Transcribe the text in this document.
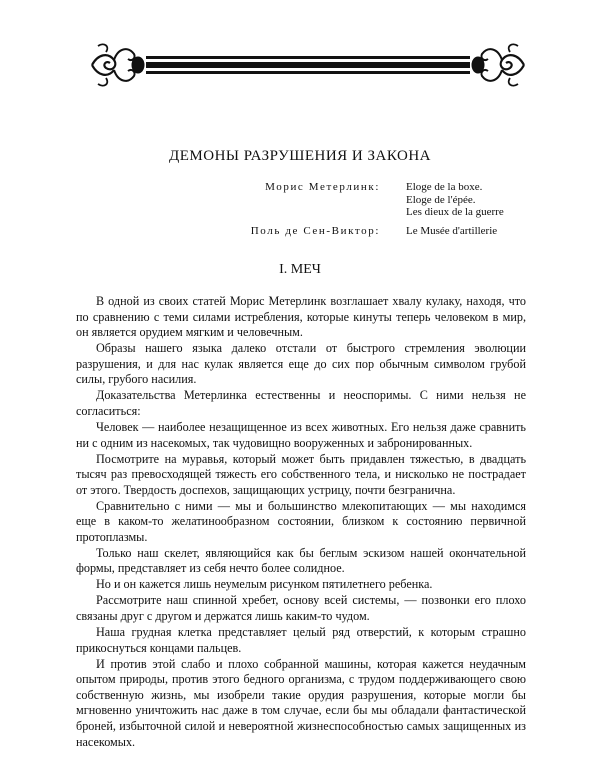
ДЕМОНЫ РАЗРУШЕНИЯ И ЗАКОНА
Морис Метерлинк: Eloge de la boxe.
Eloge de l'épée.
Les dieux de la guerre
Поль де Сен-Виктор: Le Musée d'artillerie
I. МЕЧ

В одной из своих статей Морис Метерлинк возглашает хвалу кулаку, находя, что по сравнению с теми силами истребления, которые кинуты теперь человеком в мир, он является орудием мягким и человечным.

Образы нашего языка далеко отстали от быстрого стремления эволюции разрушения, и для нас кулак является еще до сих пор обычным символом грубой силы, грубого насилия.

Доказательства Метерлинка естественны и неоспоримы. С ними нельзя не согласиться:

Человек — наиболее незащищенное из всех животных. Его нельзя даже сравнить ни с одним из насекомых, так чудовищно вооруженных и забронированных.

Посмотрите на муравья, который может быть придавлен тяжестью, в двадцать тысяч раз превосходящей тяжесть его собственного тела, и нисколько не пострадает от этого. Твердость доспехов, защищающих устрицу, почти безгранична.

Сравнительно с ними — мы и большинство млекопитающих — мы находимся еще в каком-то желатинообразном состоянии, близком к состоянию первичной протоплазмы.

Только наш скелет, являющийся как бы беглым эскизом нашей окончательной формы, представляет из себя нечто более солидное.

Но и он кажется лишь неумелым рисунком пятилетнего ребенка.

Рассмотрите наш спинной хребет, основу всей системы, — позвонки его плохо связаны друг с другом и держатся лишь каким-то чудом.

Наша грудная клетка представляет целый ряд отверстий, к которым страшно прикоснуться концами пальцев.

И против этой слабо и плохо собранной машины, которая кажется неудачным опытом природы, против этого бедного организма, с трудом поддерживающего свою собственную жизнь, мы изобрели такие орудия разрушения, которые могли бы мгновенно уничтожить нас даже в том случае, если бы мы обладали фантастической броней, избыточной силой и невероятной жизнеспособностью самых защищенных из насекомых.
